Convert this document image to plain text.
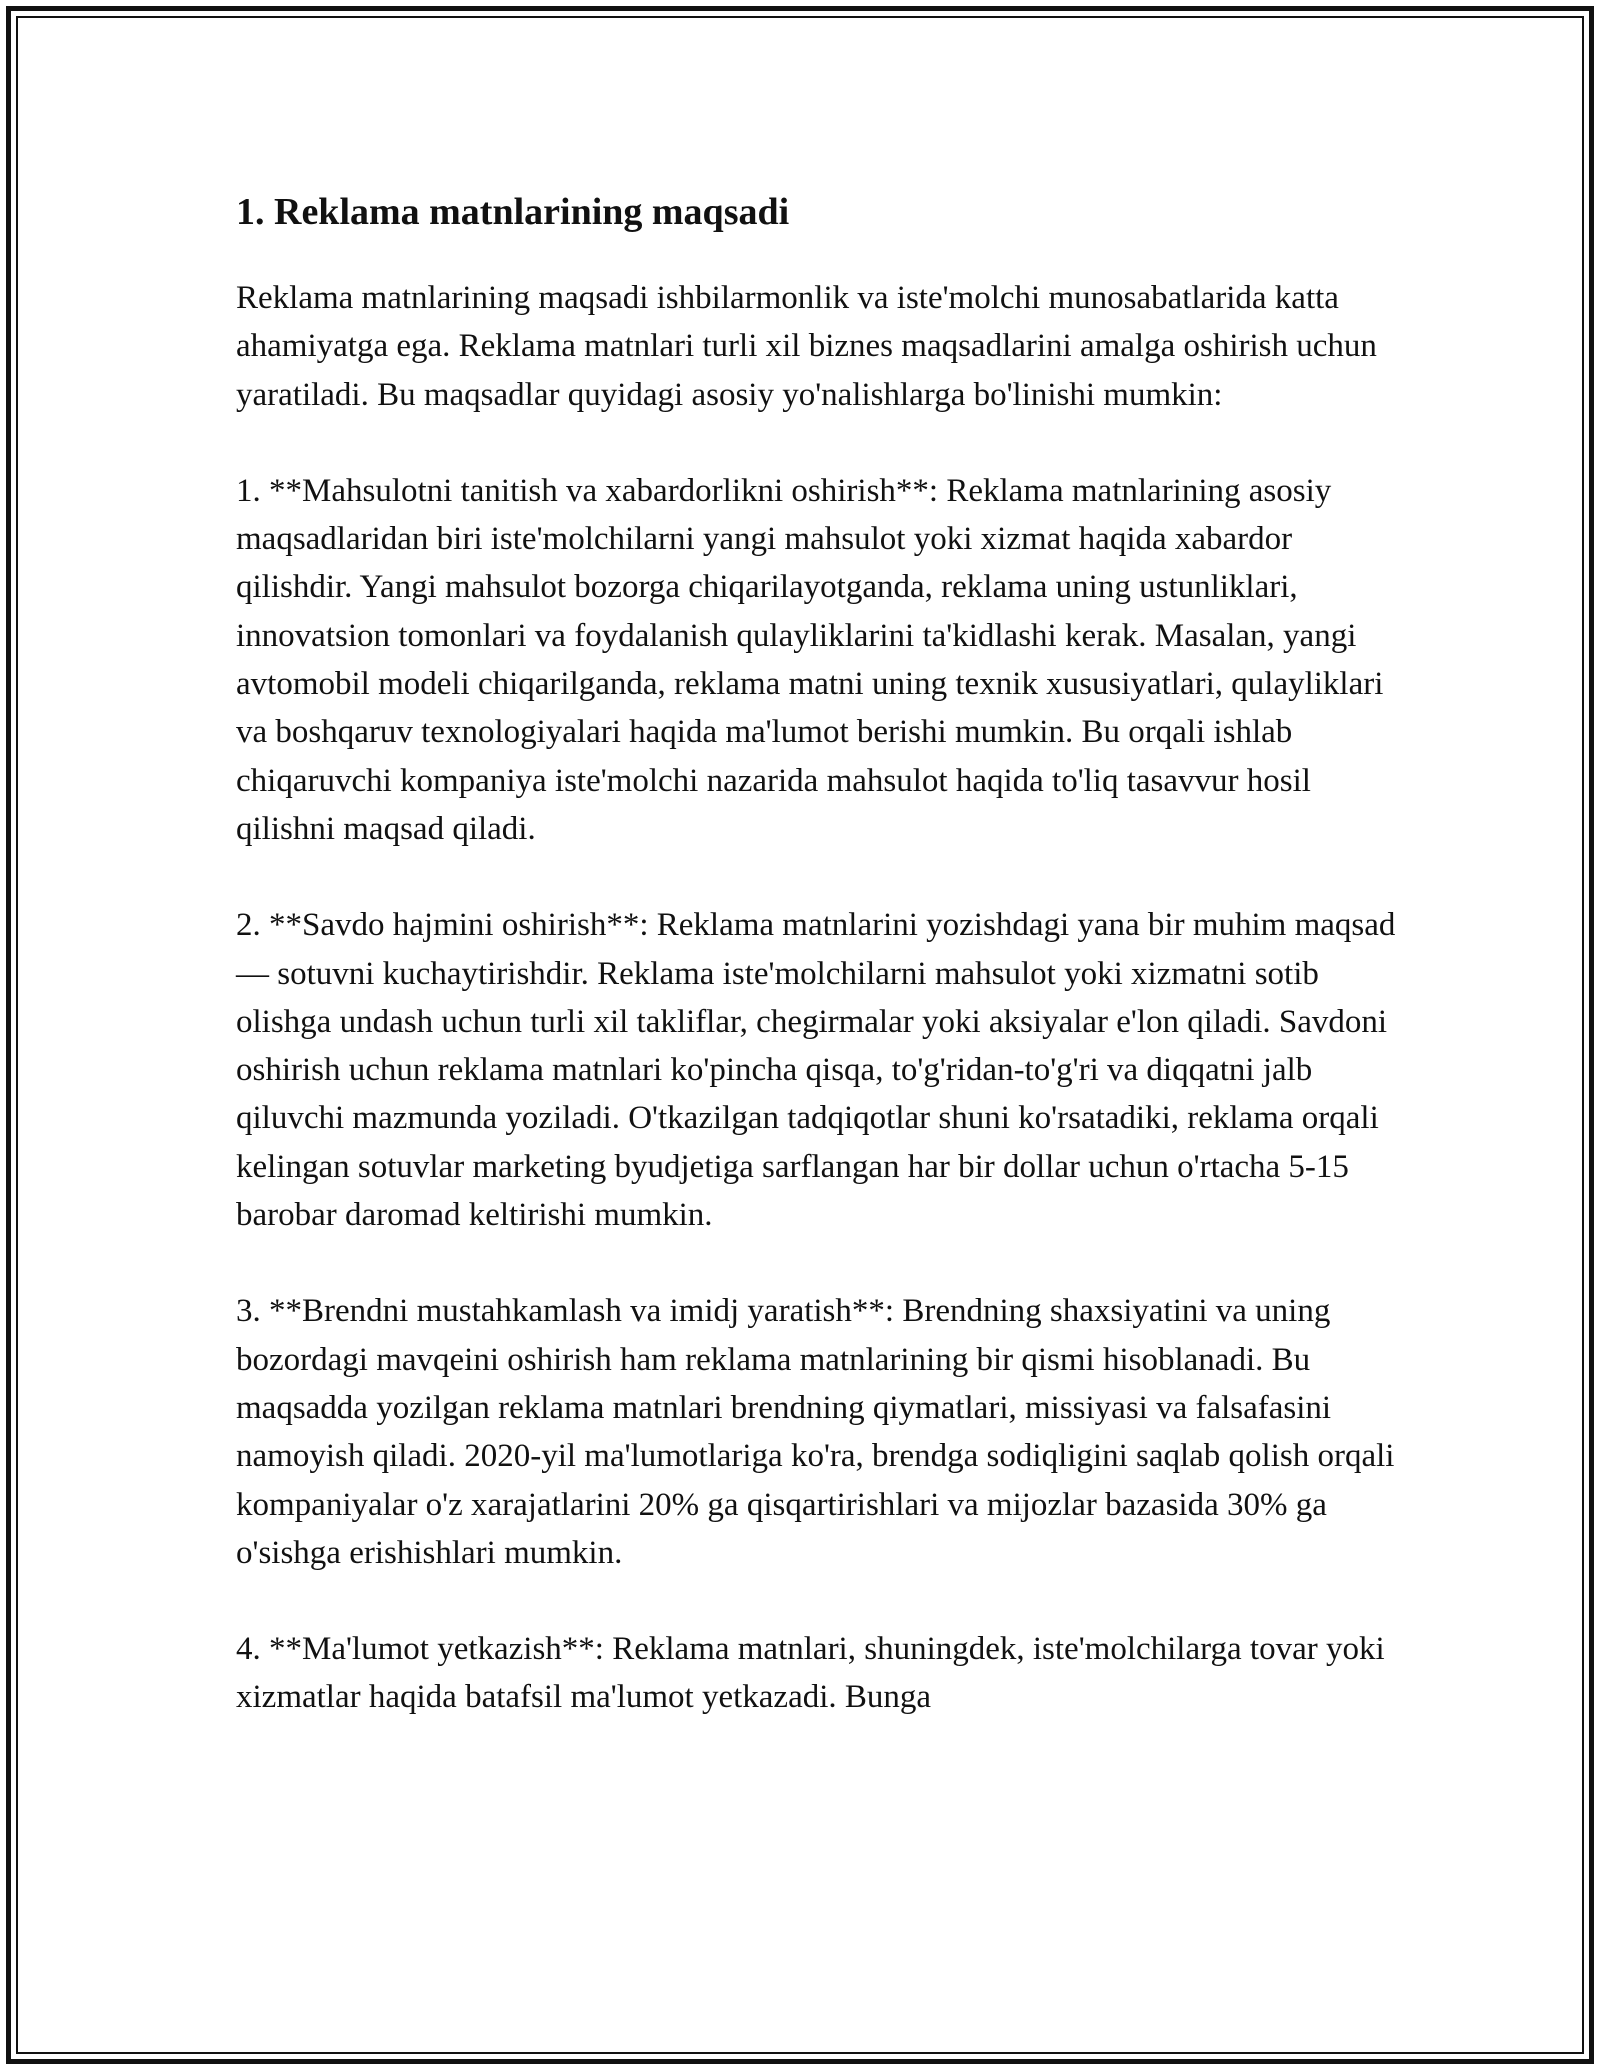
1. Reklama matnlarining maqsadi

Reklama matnlarining maqsadi ishbilarmonlik va iste'molchi munosabatlarida katta ahamiyatga ega. Reklama matnlari turli xil biznes maqsadlarini amalga oshirish uchun yaratiladi. Bu maqsadlar quyidagi asosiy yo'nalishlarga bo'linishi mumkin:

1. **Mahsulotni tanitish va xabardorlikni oshirish**: Reklama matnlarining asosiy maqsadlaridan biri iste'molchilarni yangi mahsulot yoki xizmat haqida xabardor qilishdir. Yangi mahsulot bozorga chiqarilayotganda, reklama uning ustunliklari, innovatsion tomonlari va foydalanish qulayliklarini ta'kidlashi kerak. Masalan, yangi avtomobil modeli chiqarilganda, reklama matni uning texnik xususiyatlari, qulayliklari va boshqaruv texnologiyalari haqida ma'lumot berishi mumkin. Bu orqali ishlab chiqaruvchi kompaniya iste'molchi nazarida mahsulot haqida to'liq tasavvur hosil qilishni maqsad qiladi.

2. **Savdo hajmini oshirish**: Reklama matnlarini yozishdagi yana bir muhim maqsad — sotuvni kuchaytirishdir. Reklama iste'molchilarni mahsulot yoki xizmatni sotib olishga undash uchun turli xil takliflar, chegirmalar yoki aksiyalar e'lon qiladi. Savdoni oshirish uchun reklama matnlari ko'pincha qisqa, to'g'ridan-to'g'ri va diqqatni jalb qiluvchi mazmunda yoziladi. O'tkazilgan tadqiqotlar shuni ko'rsatadiki, reklama orqali kelingan sotuvlar marketing byudjetiga sarflangan har bir dollar uchun o'rtacha 5-15 barobar daromad keltirishi mumkin.

3. **Brendni mustahkamlash va imidj yaratish**: Brendning shaxsiyatini va uning bozordagi mavqeini oshirish ham reklama matnlarining bir qismi hisoblanadi. Bu maqsadda yozilgan reklama matnlari brendning qiymatlari, missiyasi va falsafasini namoyish qiladi. 2020-yil ma'lumotlariga ko'ra, brendga sodiqligini saqlab qolish orqali kompaniyalar o'z xarajatlarini 20% ga qisqartirishlari va mijozlar bazasida 30% ga o'sishga erishishlari mumkin.

4. **Ma'lumot yetkazish**: Reklama matnlari, shuningdek, iste'molchilarga tovar yoki xizmatlar haqida batafsil ma'lumot yetkazadi. Bunga
